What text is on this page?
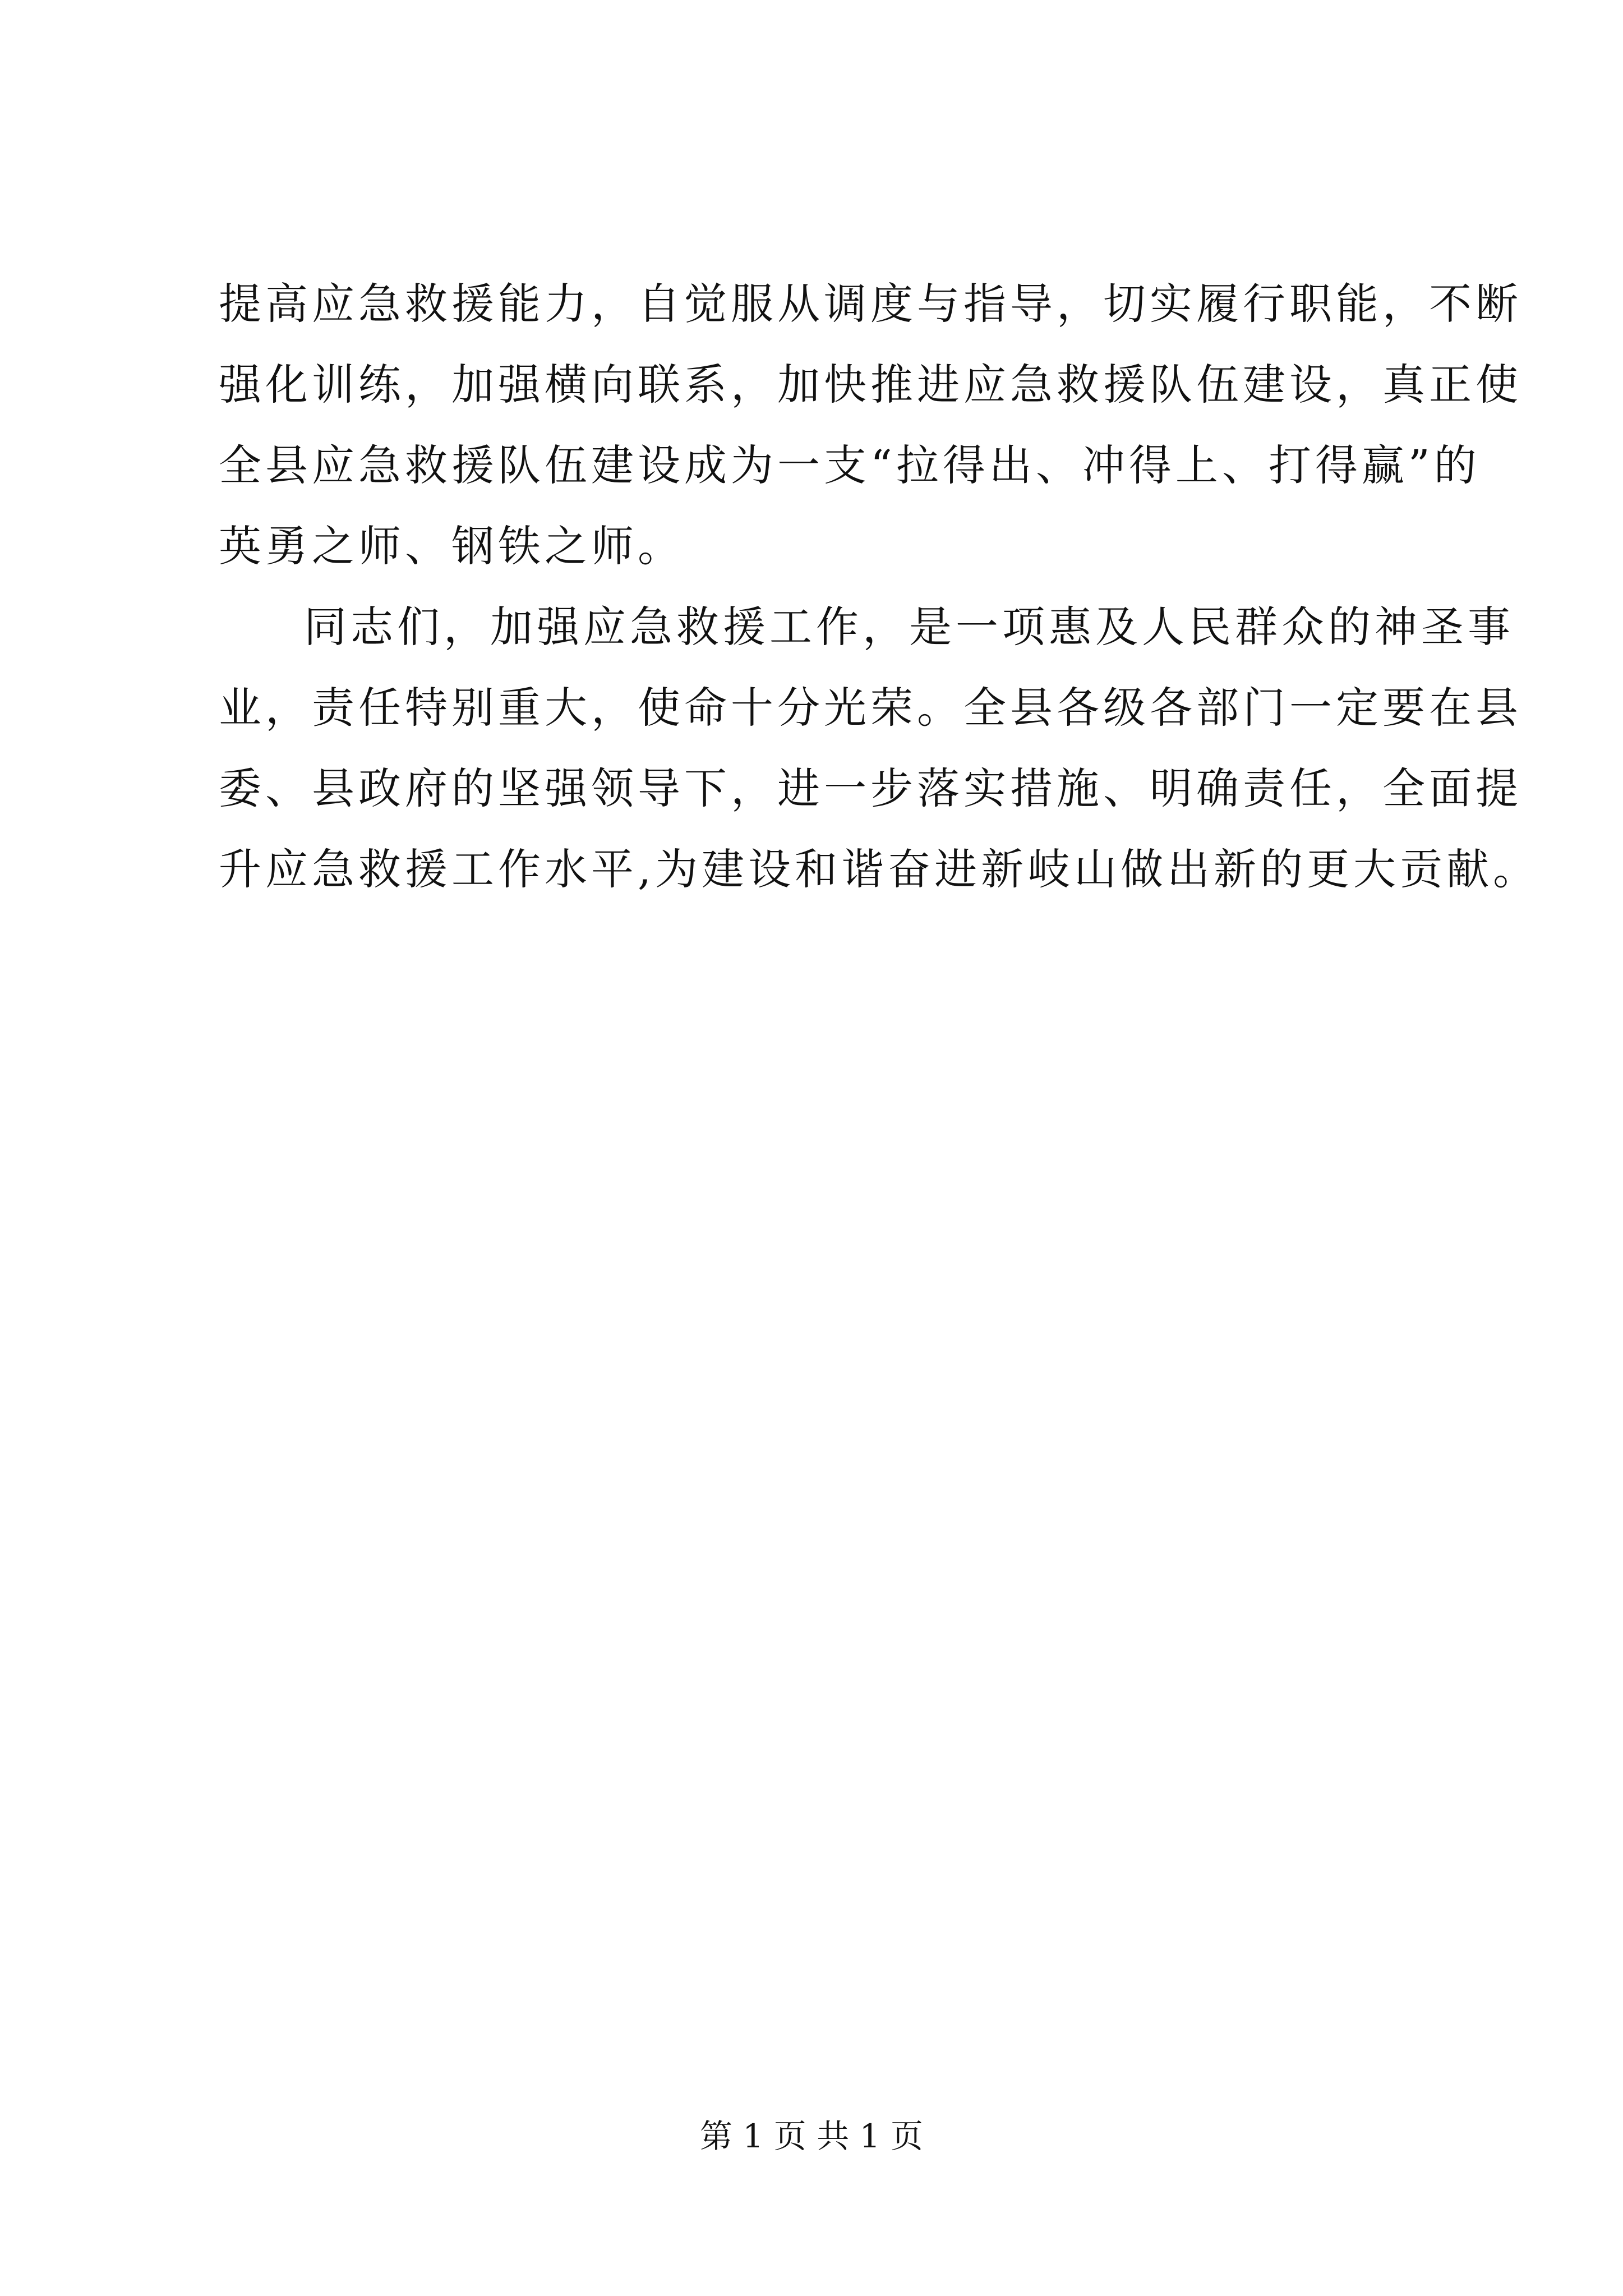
提高应急救援能力，自觉服从调度与指导，切实履行职能，不断

强化训练，加强横向联系，加快推进应急救援队伍建设，真正使

全县应急救援队伍建设成为一支“拉得出、冲得上、打得赢”的

英勇之师、钢铁之师。

同志们，加强应急救援工作，是一项惠及人民群众的神圣事

业，责任特别重大，使命十分光荣。全县各级各部门一定要在县

委、县政府的坚强领导下，进一步落实措施、明确责任，全面提

升应急救援工作水平,为建设和谐奋进新岐山做出新的更大贡献。

第 1 页 共 1 页
